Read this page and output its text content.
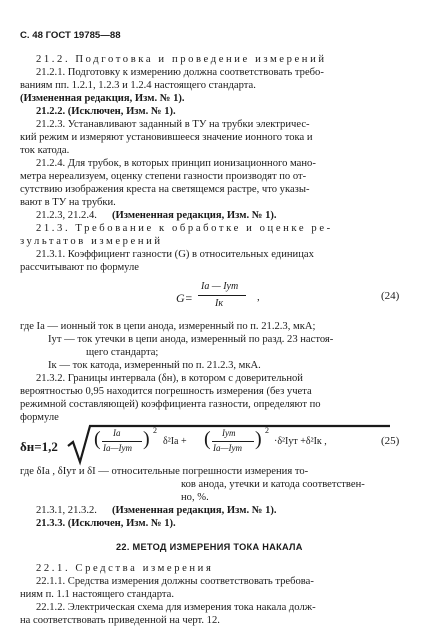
С. 48 ГОСТ 19785—88
21.2. Подготовка и проведение измерений
21.2.1. Подготовку к измерению должна соответствовать требо-
ваниям пп. 1.2.1, 1.2.3 и 1.2.4 настоящего стандарта.
(Измененная редакция, Изм. № 1).
21.2.2. (Исключен, Изм. № 1).
21.2.3. Устанавливают заданный в ТУ на трубки электричес-
кий режим и измеряют установившееся значение ионного тока и
ток катода.
21.2.4. Для трубок, в которых принцип ионизационного мано-
метра нереализуем, оценку степени газности производят по от-
сутствию изображения креста на светящемся растре, что указы-
вают в ТУ на трубки.
21.2.3, 21.2.4. (Измененная редакция, Изм. № 1).
21.3. Требование к обработке и оценке ре-
зультатов измерений
21.3.1. Коэффициент газности (G) в относительных единицах
рассчитывают по формуле
G=
Iа — Iут
Iк
,	(24)
где Iа — ионный ток в цепи анода, измеренный по п. 21.2.3, мкА;
Iут — ток утечки в цепи анода, измеренный по разд. 23 настоя-
щего стандарта;
Iк — ток катода, измеренный по п. 21.2.3, мкА.
21.3.2. Границы интервала (δн), в котором с доверительной
вероятностью 0,95 находится погрешность измерения (без учета
режимной составляющей) коэффициента газности, определяют по
формуле
δн=1,2 ( Iа
Iа—Iут ) 2
δ²Iа + ( Iут
Iа—Iут ) 2
·δ²Iут +δ²Iк ,	(25)
где δIа , δIут и δI — относительные погрешности измерения то-
ков анода, утечки и катода соответствен-
но, %.
21.3.1, 21.3.2. (Измененная редакция, Изм. № 1).
21.3.3. (Исключен, Изм. № 1).
22. МЕТОД ИЗМЕРЕНИЯ ТОКА НАКАЛА
22.1. Средства измерения
22.1.1. Средства измерения должны соответствовать требова-
ниям п. 1.1 настоящего стандарта.
22.1.2. Электрическая схема для измерения тока накала долж-
на соответствовать приведенной на черт. 12.
